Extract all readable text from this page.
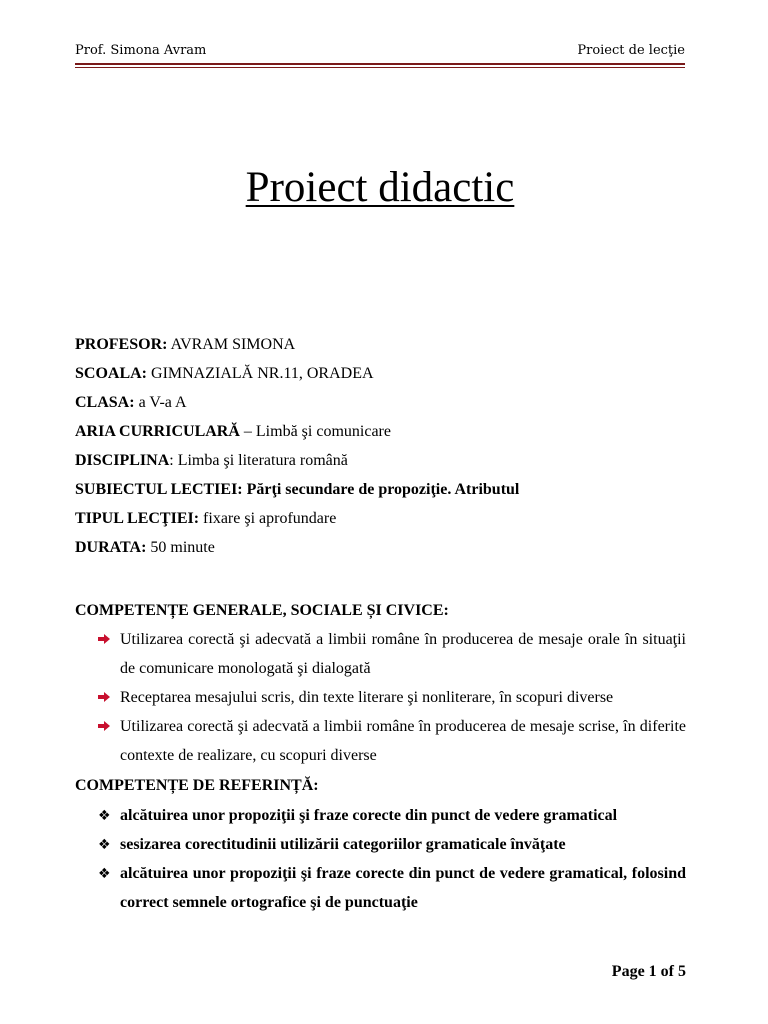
Prof. Simona Avram	Proiect de lecţie
Proiect didactic
PROFESOR: AVRAM SIMONA
SCOALA: GIMNAZIALĂ NR.11, ORADEA
CLASA: a V-a A
ARIA CURRICULARĂ – Limbă şi comunicare
DISCIPLINA: Limba şi literatura română
SUBIECTUL LECTIEI: Părţi secundare de propoziţie. Atributul
TIPUL LECŢIEI: fixare şi aprofundare
DURATA: 50 minute
COMPETENȚE GENERALE, SOCIALE ȘI CIVICE:
Utilizarea corectă şi adecvată a limbii române în producerea de mesaje orale în situaţii de comunicare monologată şi dialogată
Receptarea mesajului scris, din texte literare şi nonliterare, în scopuri diverse
Utilizarea corectă şi adecvată a limbii române în producerea de mesaje scrise, în diferite contexte de realizare, cu scopuri diverse
COMPETENȚE DE REFERINȚĂ:
❖ alcătuirea unor propoziţii şi fraze corecte din punct de vedere gramatical
❖ sesizarea corectitudinii utilizării categoriilor gramaticale învăţate
❖ alcătuirea unor propoziţii şi fraze corecte din punct de vedere gramatical, folosind correct semnele ortografice şi de punctuaţie
Page 1 of 5
